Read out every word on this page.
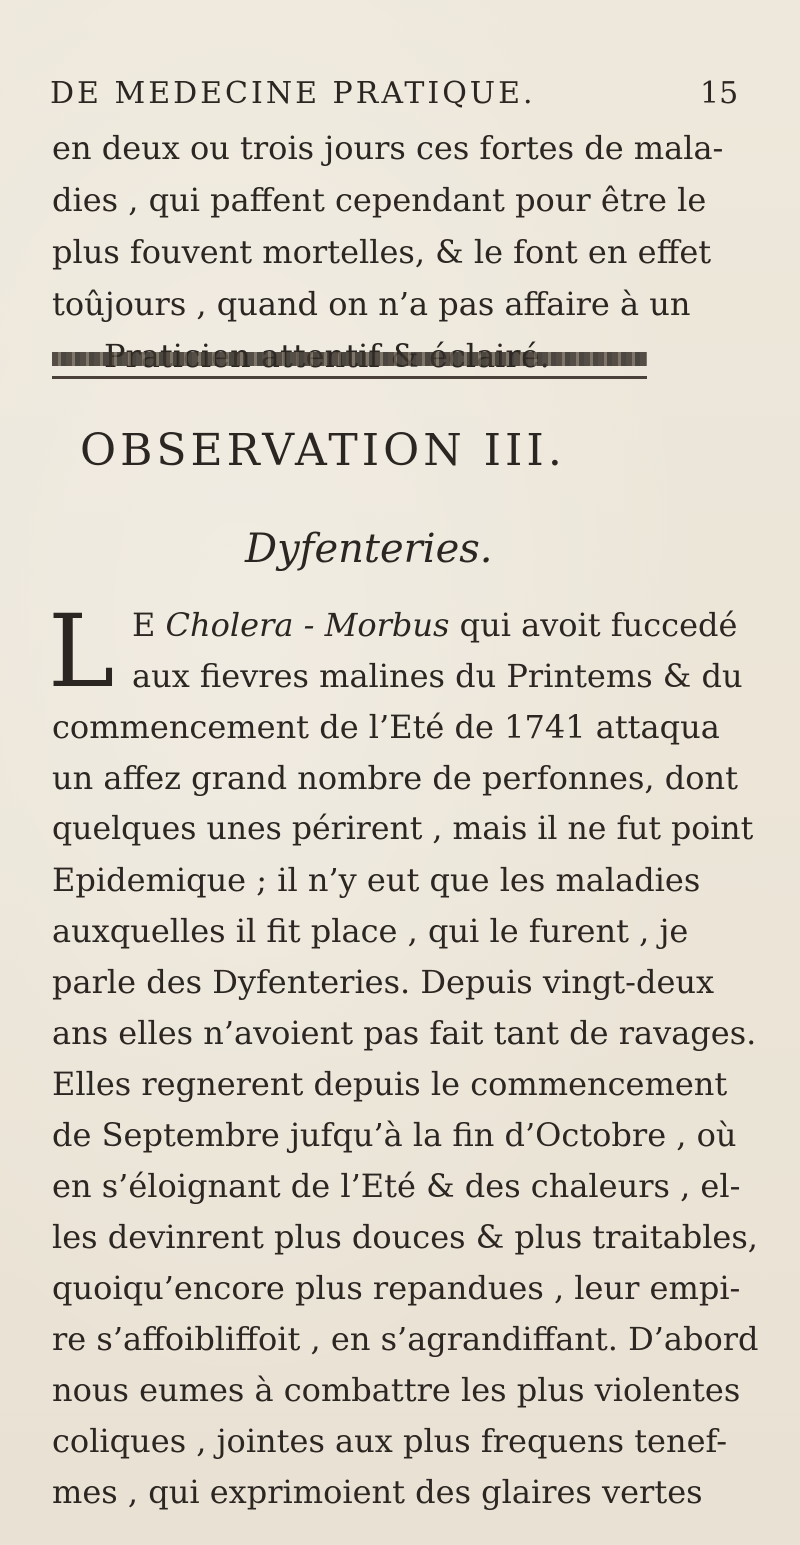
DE MEDECINE PRATIQUE.	15
en deux ou trois jours ces fortes de mala-
dies , qui paffent cependant pour être le
plus fouvent mortelles, & le font en effet
toûjours , quand on n’a pas affaire à un
OBSERVATION III.
Dyfenteries.
L E Cholera - Morbus qui avoit fuccedé
aux fievres malines du Printems & du
commencement de l’Eté de 1741 attaqua
un affez grand nombre de perfonnes, dont
quelques unes périrent , mais il ne fut point
Epidemique ; il n’y eut que les maladies
auxquelles il fit place , qui le furent , je
parle des Dyfenteries. Depuis vingt-deux
ans elles n’avoient pas fait tant de ravages.
Elles regnerent depuis le commencement
de Septembre jufqu’à la fin d’Octobre , où
en s’éloignant de l’Eté & des chaleurs , el-
les devinrent plus douces & plus traitables,
quoiqu’encore plus repandues , leur empi-
re s’affoibliffoit , en s’agrandiffant. D’abord
nous eumes à combattre les plus violentes
coliques , jointes aux plus frequens tenef-
mes , qui exprimoient des glaires vertes
